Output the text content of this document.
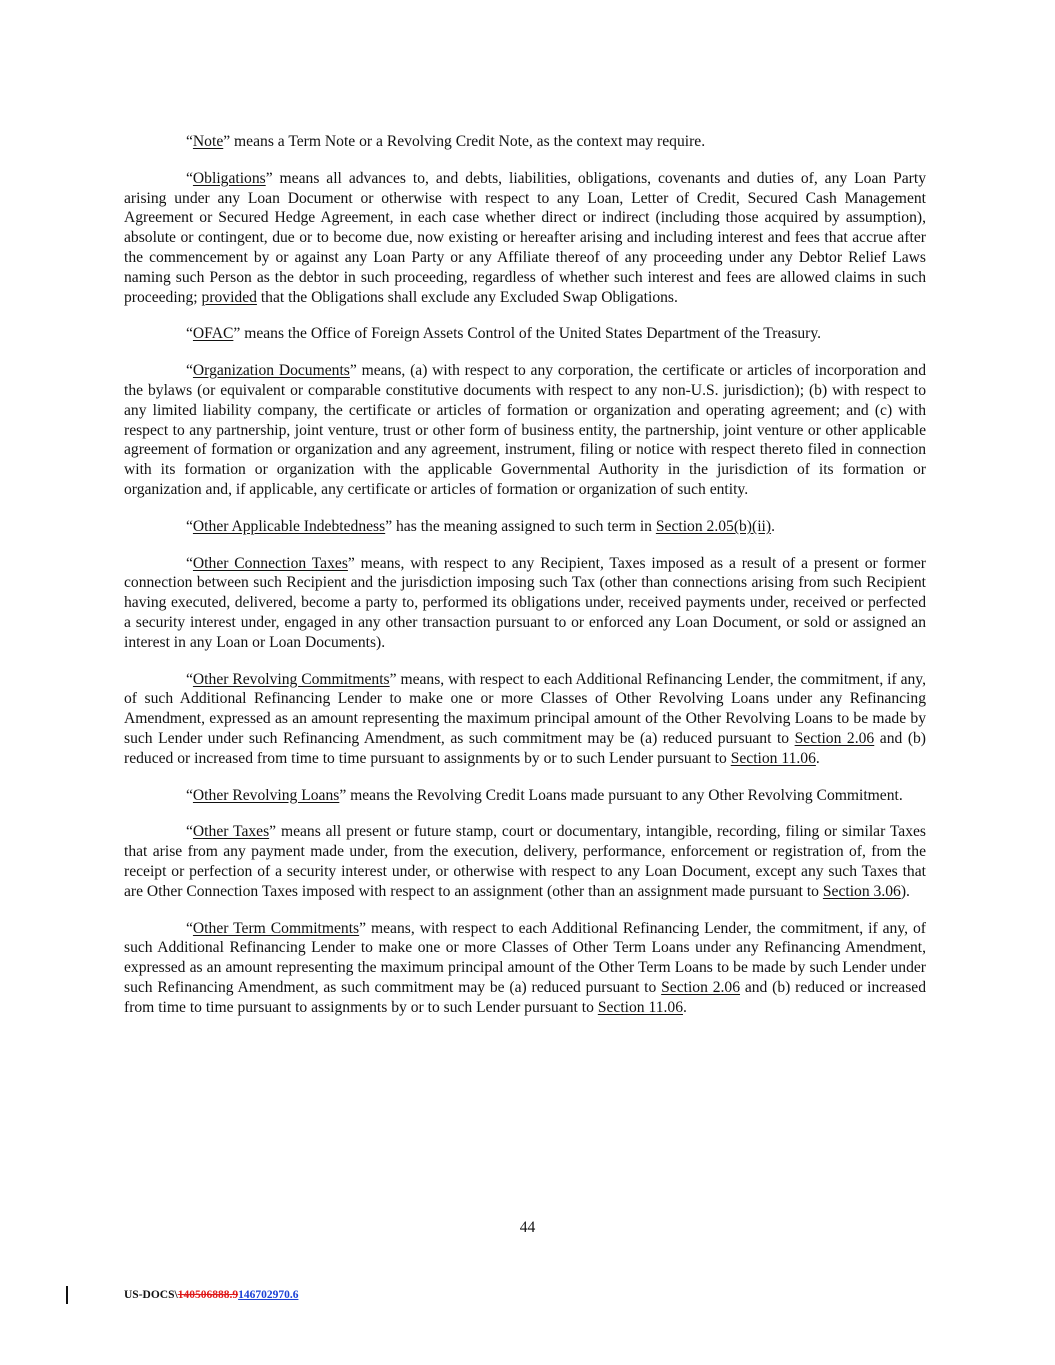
“Note” means a Term Note or a Revolving Credit Note, as the context may require.

“Obligations” means all advances to, and debts, liabilities, obligations, covenants and duties of, any Loan Party arising under any Loan Document or otherwise with respect to any Loan, Letter of Credit, Secured Cash Management Agreement or Secured Hedge Agreement, in each case whether direct or indirect (including those acquired by assumption), absolute or contingent, due or to become due, now existing or hereafter arising and including interest and fees that accrue after the commencement by or against any Loan Party or any Affiliate thereof of any proceeding under any Debtor Relief Laws naming such Person as the debtor in such proceeding, regardless of whether such interest and fees are allowed claims in such proceeding; provided that the Obligations shall exclude any Excluded Swap Obligations.

“OFAC” means the Office of Foreign Assets Control of the United States Department of the Treasury.

“Organization Documents” means, (a) with respect to any corporation, the certificate or articles of incorporation and the bylaws (or equivalent or comparable constitutive documents with respect to any non-U.S. jurisdiction); (b) with respect to any limited liability company, the certificate or articles of formation or organization and operating agreement; and (c) with respect to any partnership, joint venture, trust or other form of business entity, the partnership, joint venture or other applicable agreement of formation or organization and any agreement, instrument, filing or notice with respect thereto filed in connection with its formation or organization with the applicable Governmental Authority in the jurisdiction of its formation or organization and, if applicable, any certificate or articles of formation or organization of such entity.

“Other Applicable Indebtedness” has the meaning assigned to such term in Section 2.05(b)(ii).

“Other Connection Taxes” means, with respect to any Recipient, Taxes imposed as a result of a present or former connection between such Recipient and the jurisdiction imposing such Tax (other than connections arising from such Recipient having executed, delivered, become a party to, performed its obligations under, received payments under, received or perfected a security interest under, engaged in any other transaction pursuant to or enforced any Loan Document, or sold or assigned an interest in any Loan or Loan Documents).

“Other Revolving Commitments” means, with respect to each Additional Refinancing Lender, the commitment, if any, of such Additional Refinancing Lender to make one or more Classes of Other Revolving Loans under any Refinancing Amendment, expressed as an amount representing the maximum principal amount of the Other Revolving Loans to be made by such Lender under such Refinancing Amendment, as such commitment may be (a) reduced pursuant to Section 2.06 and (b) reduced or increased from time to time pursuant to assignments by or to such Lender pursuant to Section 11.06.

“Other Revolving Loans” means the Revolving Credit Loans made pursuant to any Other Revolving Commitment.

“Other Taxes” means all present or future stamp, court or documentary, intangible, recording, filing or similar Taxes that arise from any payment made under, from the execution, delivery, performance, enforcement or registration of, from the receipt or perfection of a security interest under, or otherwise with respect to any Loan Document, except any such Taxes that are Other Connection Taxes imposed with respect to an assignment (other than an assignment made pursuant to Section 3.06).

“Other Term Commitments” means, with respect to each Additional Refinancing Lender, the commitment, if any, of such Additional Refinancing Lender to make one or more Classes of Other Term Loans under any Refinancing Amendment, expressed as an amount representing the maximum principal amount of the Other Term Loans to be made by such Lender under such Refinancing Amendment, as such commitment may be (a) reduced pursuant to Section 2.06 and (b) reduced or increased from time to time pursuant to assignments by or to such Lender pursuant to Section 11.06.

44
US-DOCS\140506888.9146702970.6
